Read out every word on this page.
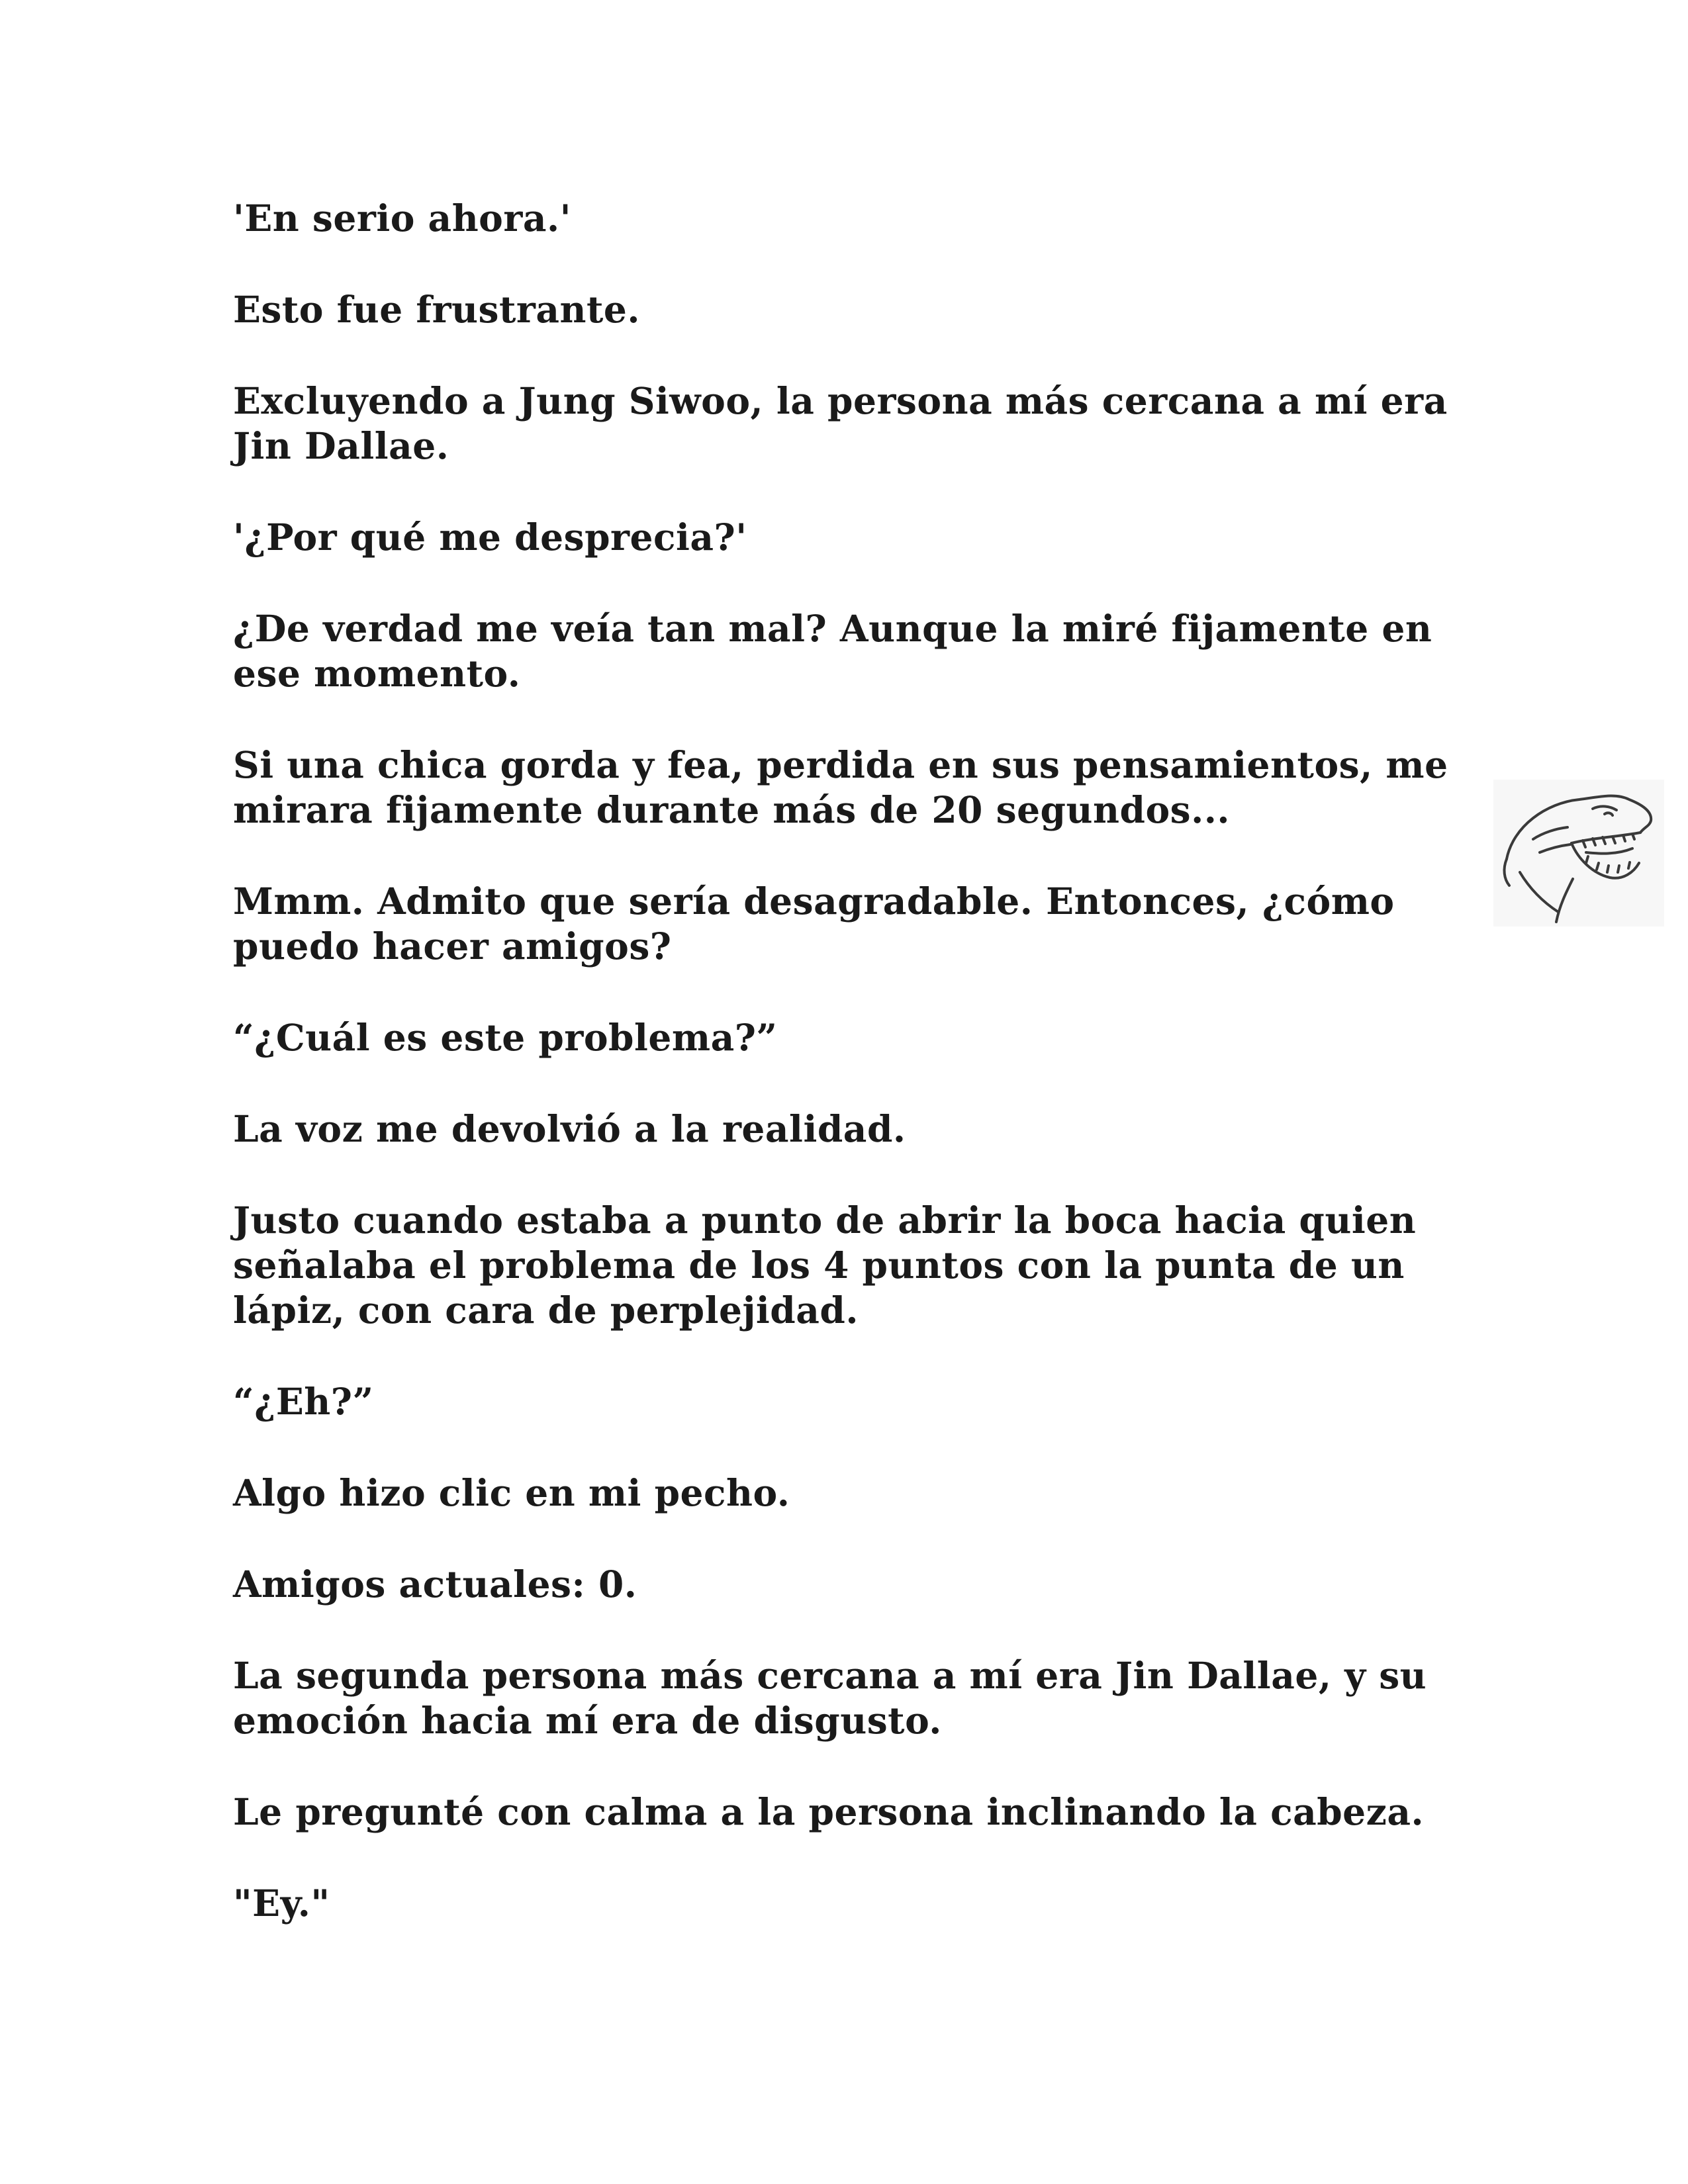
'En serio ahora.'

Esto fue frustrante.

Excluyendo a Jung Siwoo, la persona más cercana a mí era Jin Dallae.

'¿Por qué me desprecia?'

¿De verdad me veía tan mal? Aunque la miré fijamente en ese momento.

Si una chica gorda y fea, perdida en sus pensamientos, me mirara fijamente durante más de 20 segundos...

Mmm. Admito que sería desagradable. Entonces, ¿cómo puedo hacer amigos?

“¿Cuál es este problema?”

La voz me devolvió a la realidad.

Justo cuando estaba a punto de abrir la boca hacia quien señalaba el problema de los 4 puntos con la punta de un lápiz, con cara de perplejidad.

“¿Eh?”

Algo hizo clic en mi pecho.

Amigos actuales: 0.

La segunda persona más cercana a mí era Jin Dallae, y su emoción hacia mí era de disgusto.

Le pregunté con calma a la persona inclinando la cabeza.

"Ey."
